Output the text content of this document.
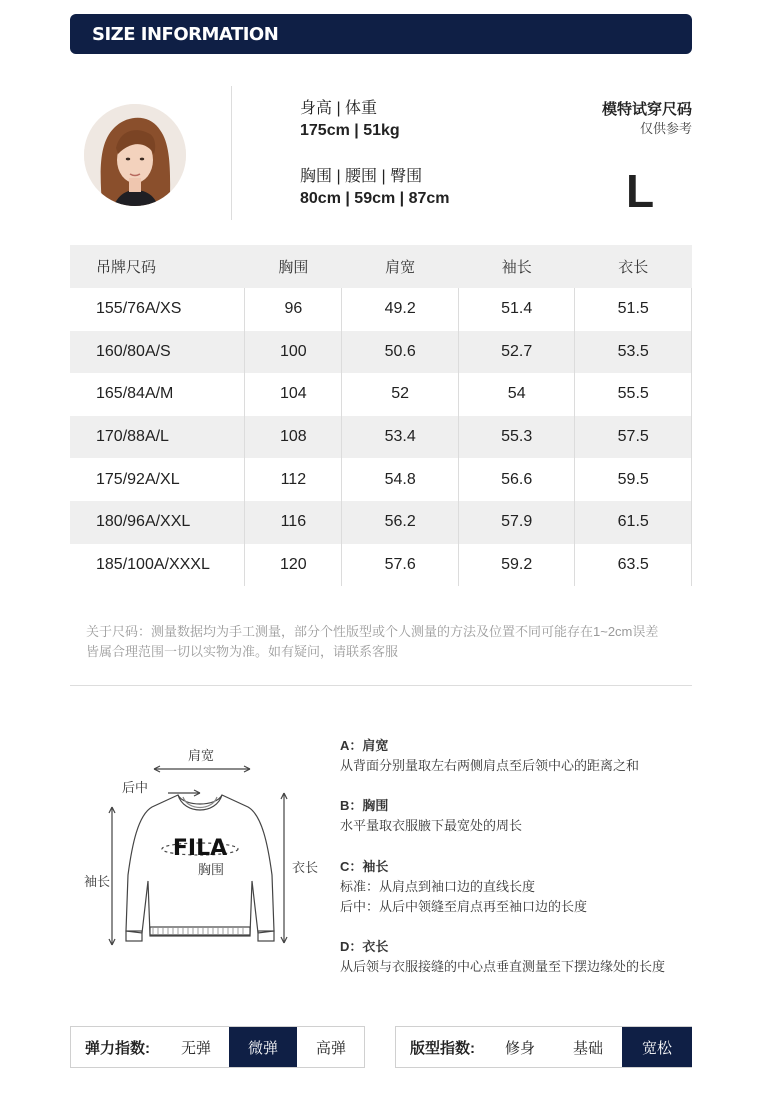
SIZE INFORMATION
身高 | 体重
175cm | 51kg
胸围 | 腰围 | 臀围
80cm | 59cm | 87cm
模特试穿尺码
仅供参考
L
吊牌尺码	胸围	肩宽	袖长	衣长
155/76A/XS	96	49.2	51.4	51.5
160/80A/S	100	50.6	52.7	53.5
165/84A/M	104	52	54	55.5
170/88A/L	108	53.4	55.3	57.5
175/92A/XL	112	54.8	56.6	59.5
180/96A/XXL	116	56.2	57.9	61.5
185/100A/XXXL	120	57.6	59.2	63.5
关于尺码：测量数据均为手工测量，部分个性版型或个人测量的方法及位置不同可能存在1~2cm误差
皆属合理范围一切以实物为准。如有疑问，请联系客服
FILA
肩宽
后中
袖长
胸围	衣长
A：肩宽
从背面分别量取左右两侧肩点至后领中心的距离之和
B：胸围
水平量取衣服腋下最宽处的周长
C：袖长
标准：从肩点到袖口边的直线长度
后中：从后中领缝至肩点再至袖口边的长度
D：衣长
从后领与衣服接缝的中心点垂直测量至下摆边缘处的长度
弹力指数:	无弹	微弹	高弹	版型指数:	修身	基础	宽松
